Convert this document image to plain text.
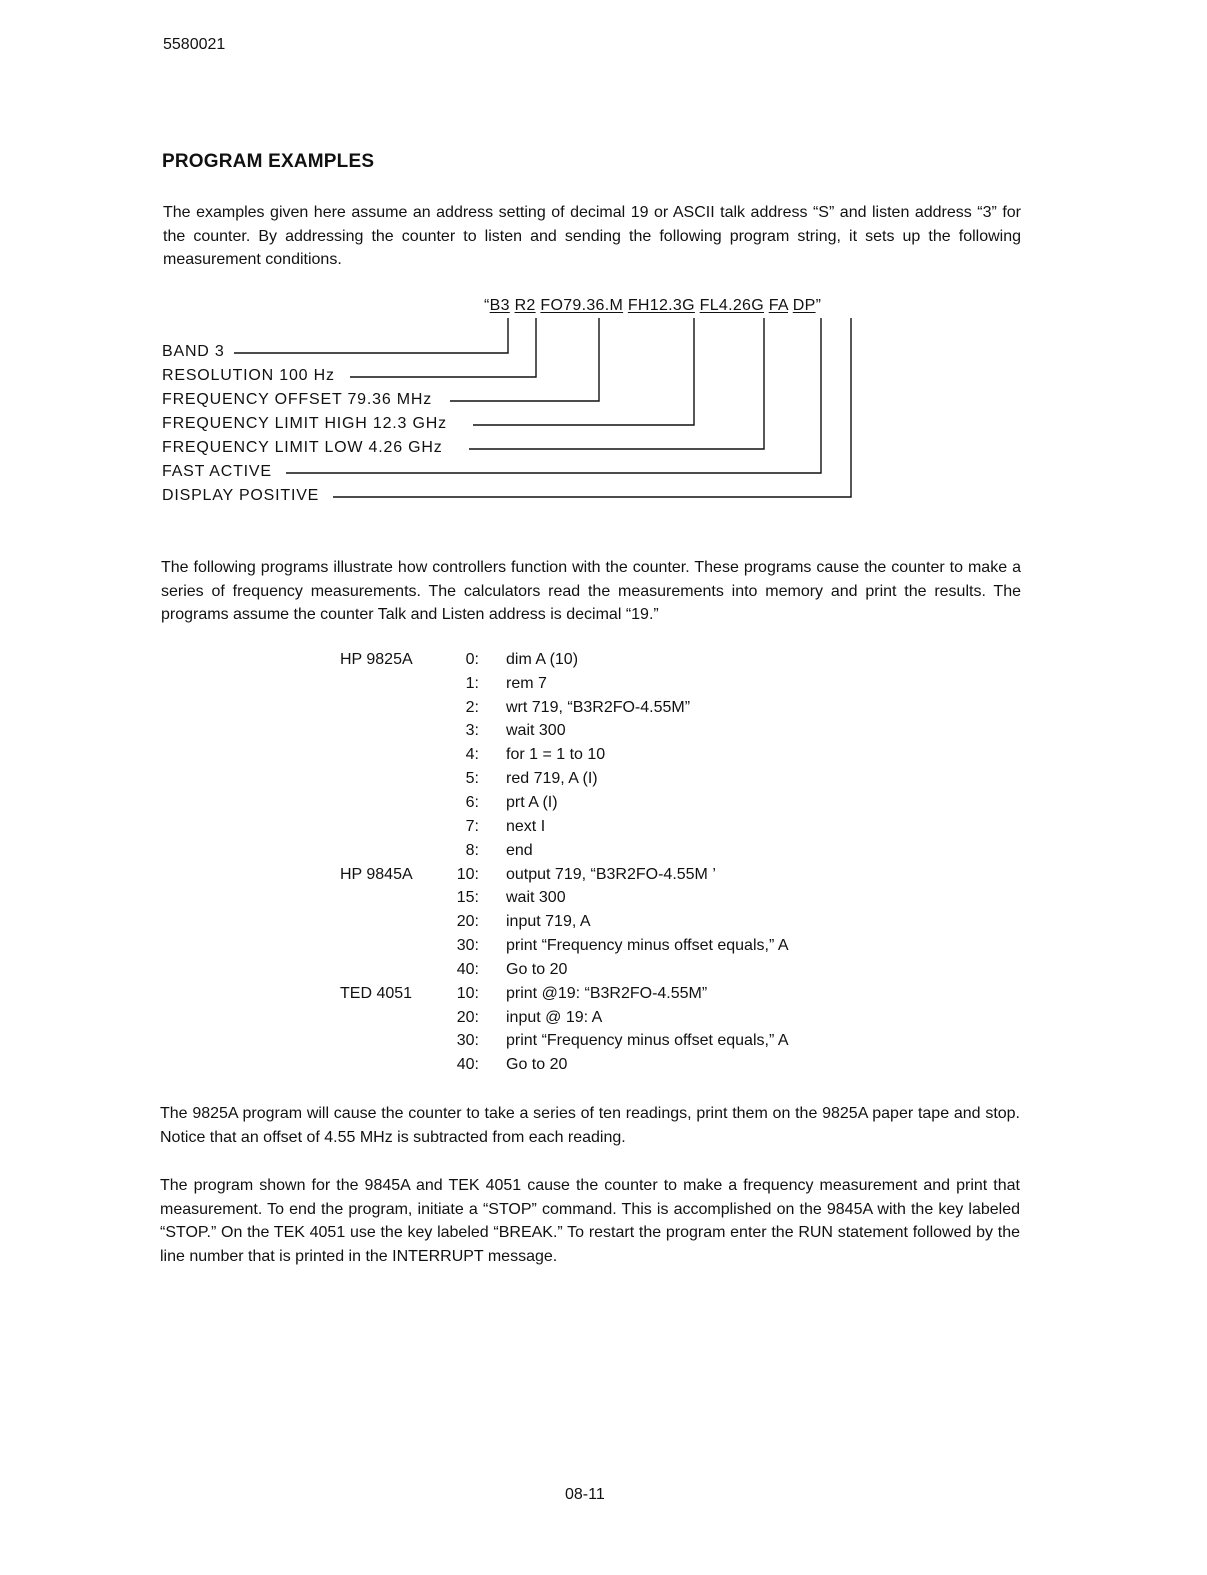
5580021
PROGRAM EXAMPLES
The examples given here assume an address setting of decimal 19 or ASCII talk address “S” and listen address “3” for the counter. By addressing the counter to listen and sending the following program string, it sets up the following measurement conditions.
“B3 R2 FO79.36.M FH12.3G FL4.26G FA DP”
BAND 3
RESOLUTION 100 Hz
FREQUENCY OFFSET 79.36 MHz
FREQUENCY LIMIT HIGH 12.3 GHz
FREQUENCY LIMIT LOW 4.26 GHz
FAST ACTIVE
DISPLAY POSITIVE
The following programs illustrate how controllers function with the counter. These programs cause the counter to make a series of frequency measurements. The calculators read the measurements into memory and print the results. The programs assume the counter Talk and Listen address is decimal “19.”
HP 9825A	0: dim A (10)
1: rem 7
2: wrt 719, “B3R2FO-4.55M”
3: wait 300
4: for 1 = 1 to 10
5: red 719, A (I)
6: prt A (I)
7: next I
8: end
HP 9845A	10: output 719, “B3R2FO-4.55M ’
15: wait 300
20: input 719, A
30: print “Frequency minus offset equals,” A
40: Go to 20
TED 4051	10: print @19: “B3R2FO-4.55M”
20: input @ 19: A
30: print “Frequency minus offset equals,” A
40: Go to 20
The 9825A program will cause the counter to take a series of ten readings, print them on the 9825A paper tape and stop. Notice that an offset of 4.55 MHz is subtracted from each reading.
The program shown for the 9845A and TEK 4051 cause the counter to make a frequency measurement and print that measurement. To end the program, initiate a “STOP” command. This is accomplished on the 9845A with the key labeled “STOP.” On the TEK 4051 use the key labeled “BREAK.” To restart the program enter the RUN statement followed by the line number that is printed in the INTERRUPT message.
08-11
